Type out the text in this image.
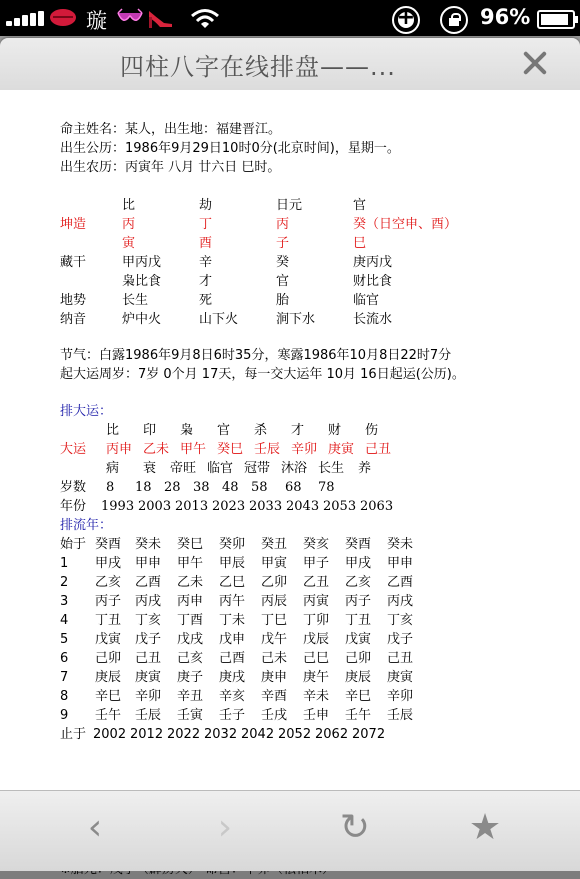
璇
+	96%
四柱八字在线排盘——...
命主姓名：某人，出生地：福建晋江。
出生公历：1986年9月29日10时0分(北京时间)，星期一。
出生农历：丙寅年 八月 廿六日 巳时。
比	劫	日元	官
坤造	丙	丁	丙	癸（日空申、酉）
寅	酉	子	巳
藏干	甲丙戊	辛	癸	庚丙戊
枭比食	才	官	财比食
地势	长生	死	胎	临官
纳音	炉中火	山下火	涧下水	长流水
节气：白露1986年9月8日6时35分，寒露1986年10月8日22时7分
起大运周岁：7岁 0个月 17天，每一交大运年 10月 16日起运(公历)。
排大运：
比 印 枭 官 杀 才 财 伤
大运 丙申 乙未 甲午 癸巳 壬辰 辛卯 庚寅 己丑
病 衰 帝旺 临官 冠带 沐浴 长生 养
岁数 8 18 28 38 48 58 68 78
年份 1993 2003 2013 2023 2033 2043 2053 2063
排流年：
始于 癸酉 癸未 癸巳 癸卯 癸丑 癸亥 癸酉 癸未
1 甲戌 甲申 甲午 甲辰 甲寅 甲子 甲戌 甲申
2 乙亥 乙酉 乙未 乙巳 乙卯 乙丑 乙亥 乙酉
3 丙子 丙戌 丙申 丙午 丙辰 丙寅 丙子 丙戌
4 丁丑 丁亥 丁酉 丁未 丁巳 丁卯 丁丑 丁亥
5 戊寅 戊子 戊戌 戊申 戊午 戊辰 戊寅 戊子
6 己卯 己丑 己亥 己酉 己未 己巳 己卯 己丑
7 庚辰 庚寅 庚子 庚戌 庚申 庚午 庚辰 庚寅
8 辛巳 辛卯 辛丑 辛亥 辛酉 辛未 辛巳 辛卯
9 壬午 壬辰 壬寅 壬子 壬戌 壬申 壬午 壬辰
止于 2002 2012 2022 2032 2042 2052 2062 2072
‹	›	↻	★
